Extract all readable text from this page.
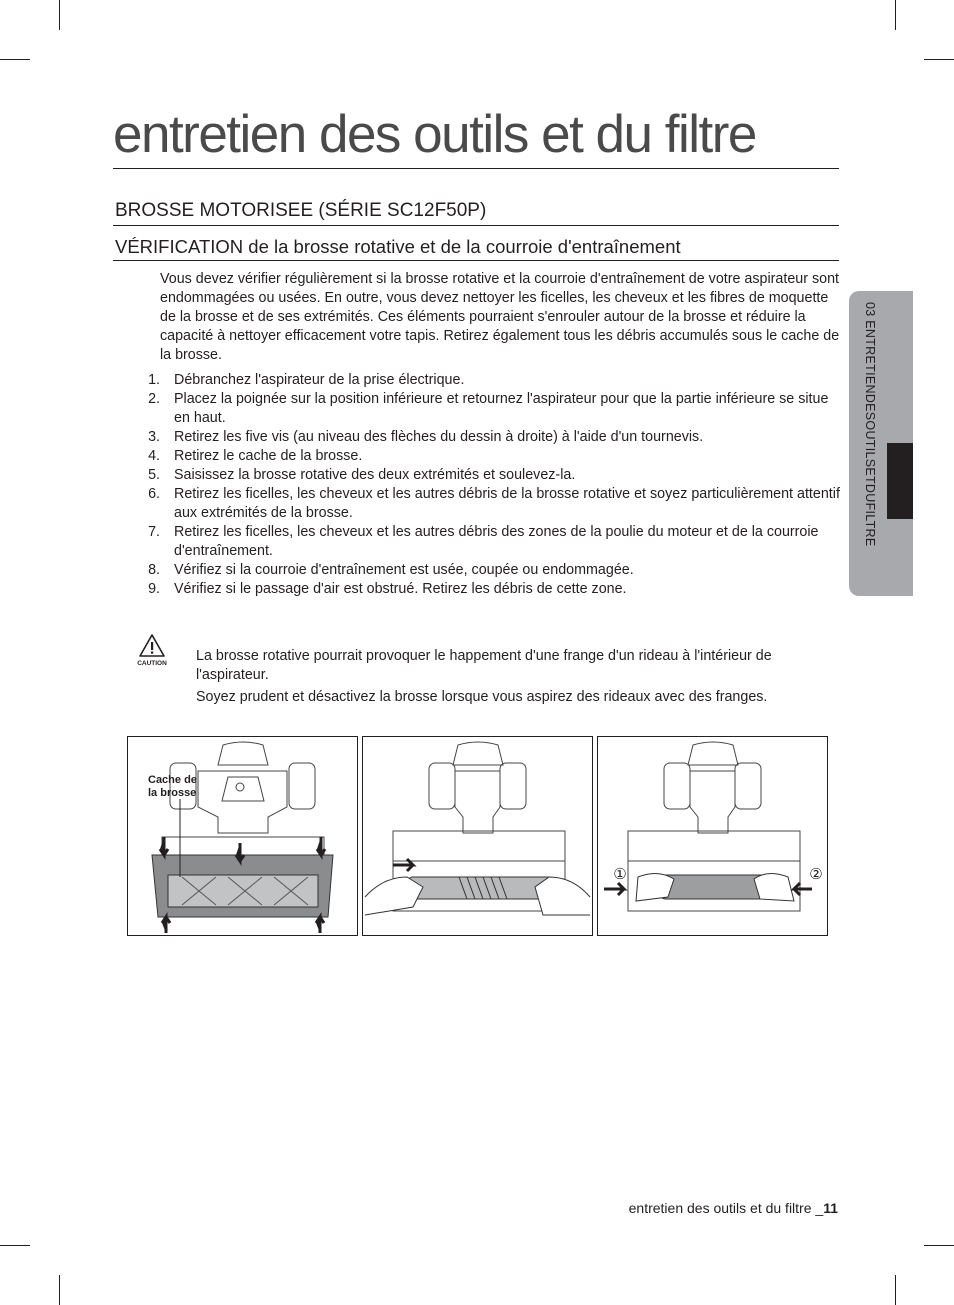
entretien des outils et du filtre
BROSSE MOTORISEE (SÉRIE SC12F50P)
VÉRIFICATION de la brosse rotative et de la courroie d'entraînement

Vous devez vérifier régulièrement si la brosse rotative et la courroie d'entraînement de votre aspirateur sont endommagées ou usées. En outre, vous devez nettoyer les ficelles, les cheveux et les fibres de moquette de la brosse et de ses extrémités. Ces éléments pourraient s'enrouler autour de la brosse et réduire la capacité à nettoyer efficacement votre tapis. Retirez également tous les débris accumulés sous le cache de la brosse.

1. Débranchez l'aspirateur de la prise électrique.
2. Placez la poignée sur la position inférieure et retournez l'aspirateur pour que la partie inférieure se situe en haut.
3. Retirez les five vis (au niveau des flèches du dessin à droite) à l'aide d'un tournevis.
4. Retirez le cache de la brosse.
5. Saisissez la brosse rotative des deux extrémités et soulevez-la.
6. Retirez les ficelles, les cheveux et les autres débris de la brosse rotative et soyez particulièrement attentif aux extrémités de la brosse.
7. Retirez les ficelles, les cheveux et les autres débris des zones de la poulie du moteur et de la courroie d'entraînement.
8. Vérifiez si la courroie d'entraînement est usée, coupée ou endommagée.
9. Vérifiez si le passage d'air est obstrué. Retirez les débris de cette zone.
CAUTION La brosse rotative pourrait provoquer le happement d'une frange d'un rideau à l'intérieur de l'aspirateur.

Soyez prudent et désactivez la brosse lorsque vous aspirez des rideaux avec des franges.

Cache de
la brosse
①	②
03 ENTRETIENDESOUTILSETDUFILTRE
entretien des outils et du filtre _11
